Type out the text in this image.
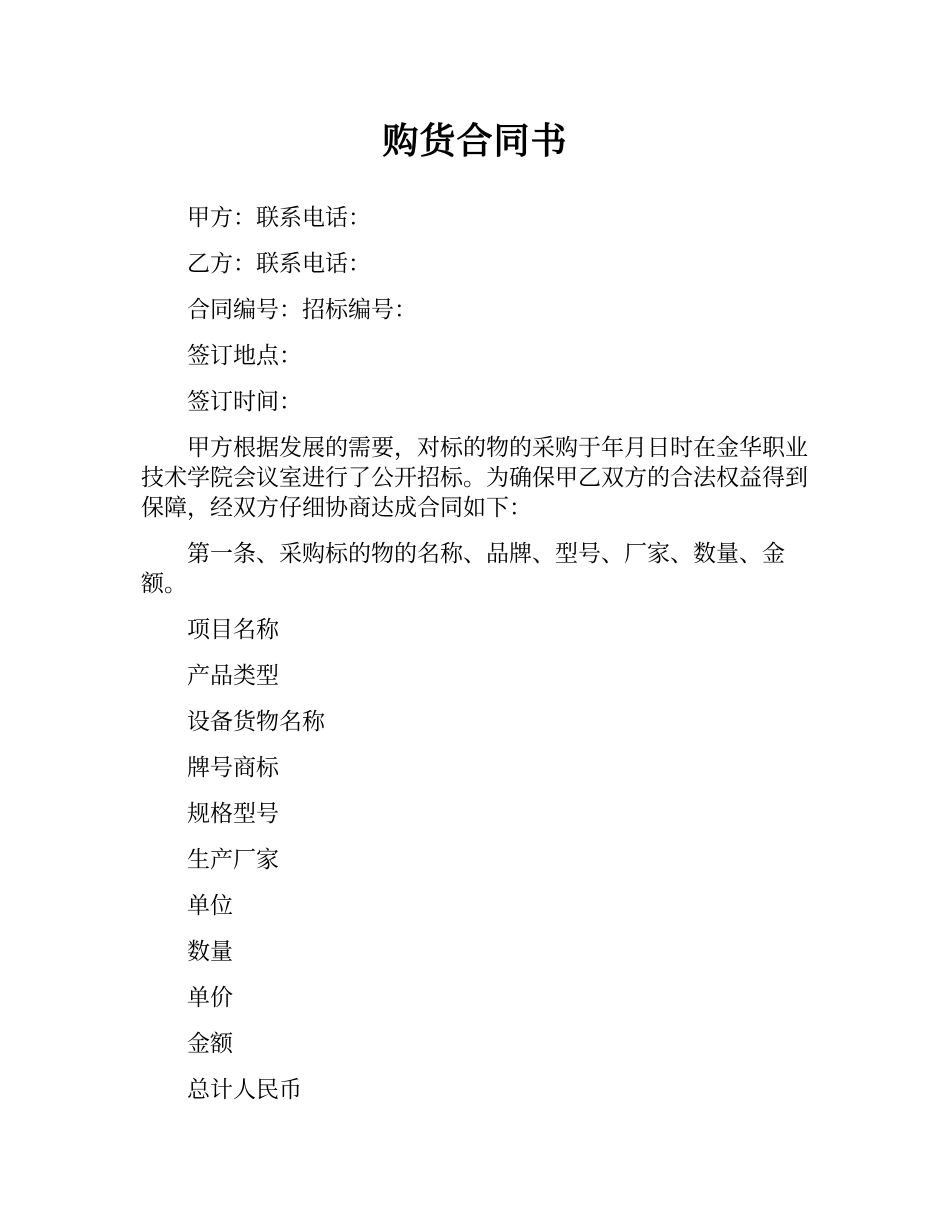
购货合同书

甲方：联系电话：

乙方：联系电话：

合同编号：招标编号：

签订地点：

签订时间：

甲方根据发展的需要，对标的物的采购于年月日时在金华职业技术学院会议室进行了公开招标。为确保甲乙双方的合法权益得到保障，经双方仔细协商达成合同如下：

第一条、采购标的物的名称、品牌、型号、厂家、数量、金额。

项目名称

产品类型

设备货物名称

牌号商标

规格型号

生产厂家

单位

数量

单价

金额

总计人民币
